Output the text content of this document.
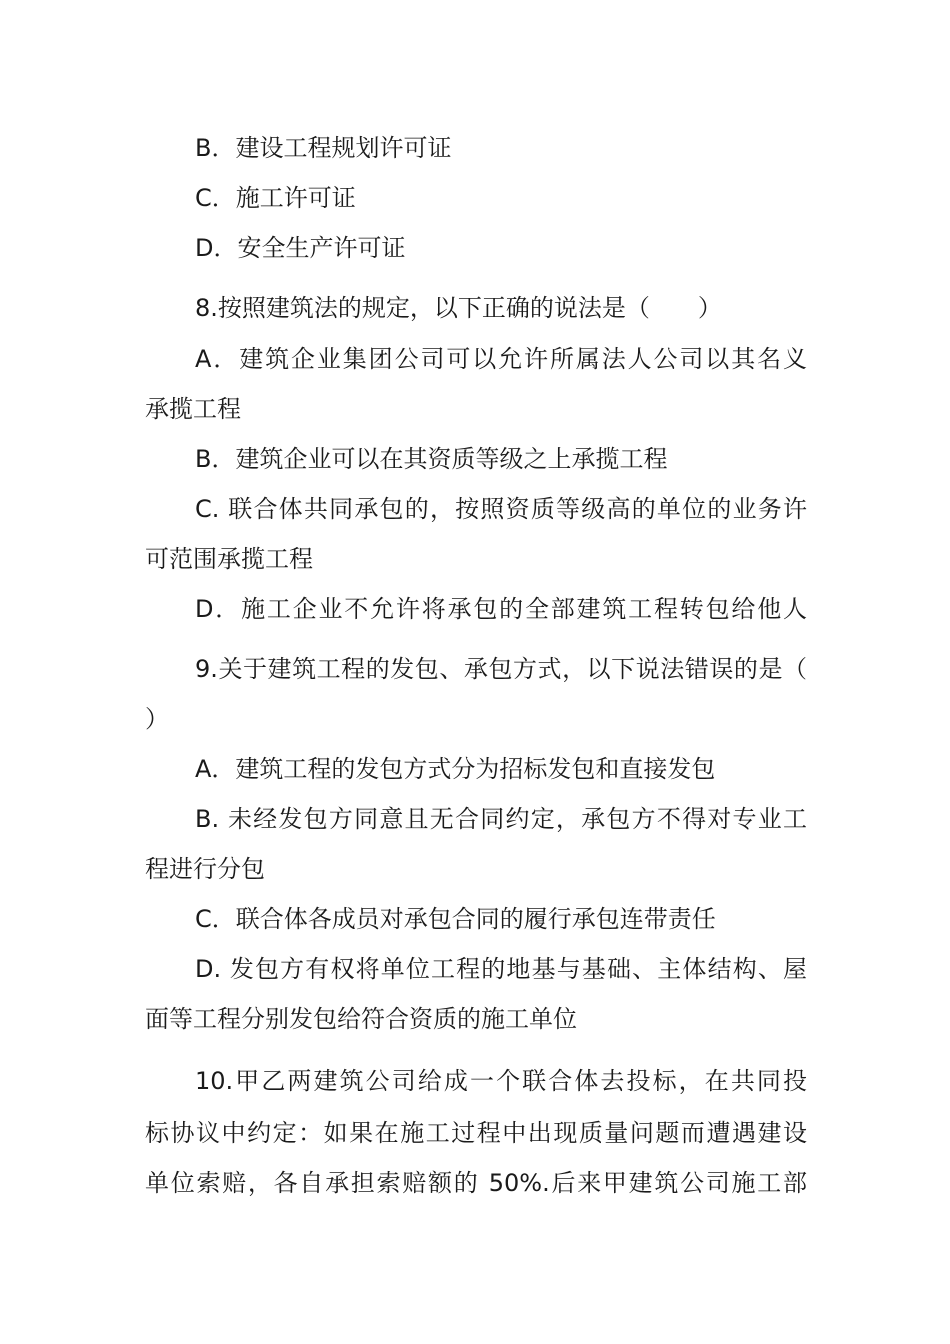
B．建设工程规划许可证
C．施工许可证
D．安全生产许可证
8.按照建筑法的规定，以下正确的说法是（　　）
A．建筑企业集团公司可以允许所属法人公司以其名义
承揽工程
B．建筑企业可以在其资质等级之上承揽工程
C. 联合体共同承包的，按照资质等级高的单位的业务许
可范围承揽工程
D．施工企业不允许将承包的全部建筑工程转包给他人
9.关于建筑工程的发包、承包方式，以下说法错误的是（
）
A．建筑工程的发包方式分为招标发包和直接发包
B. 未经发包方同意且无合同约定，承包方不得对专业工
程进行分包
C．联合体各成员对承包合同的履行承包连带责任
D. 发包方有权将单位工程的地基与基础、主体结构、屋
面等工程分别发包给符合资质的施工单位
10.甲乙两建筑公司给成一个联合体去投标，在共同投
标协议中约定：如果在施工过程中出现质量问题而遭遇建设
单位索赔，各自承担索赔额的 50%.后来甲建筑公司施工部
